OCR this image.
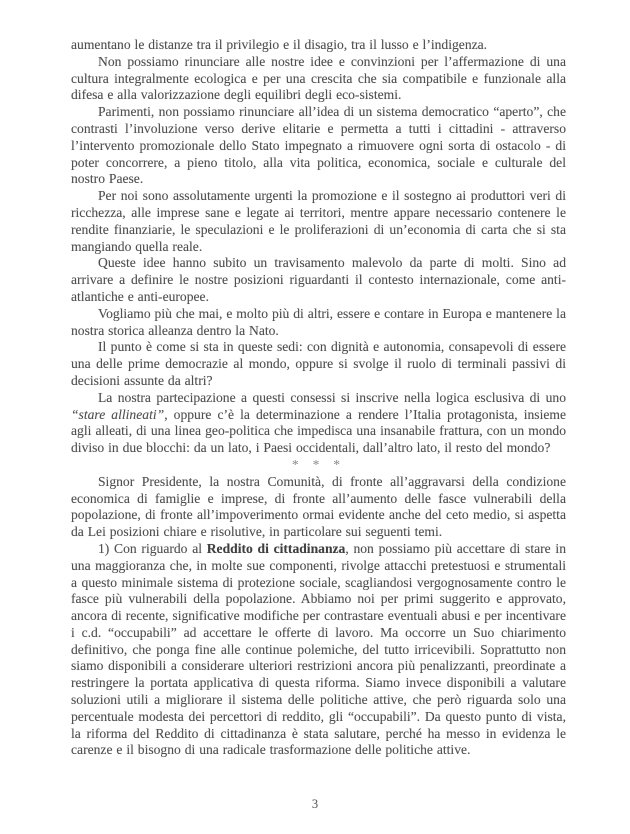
aumentano le distanze tra il privilegio e il disagio, tra il lusso e l’indigenza.

Non possiamo rinunciare alle nostre idee e convinzioni per l’affermazione di una cultura integralmente ecologica e per una crescita che sia compatibile e funzionale alla difesa e alla valorizzazione degli equilibri degli eco-sistemi.

Parimenti, non possiamo rinunciare all’idea di un sistema democratico “aperto”, che contrasti l’involuzione verso derive elitarie e permetta a tutti i cittadini - attraverso l’intervento promozionale dello Stato impegnato a rimuovere ogni sorta di ostacolo - di poter concorrere, a pieno titolo, alla vita politica, economica, sociale e culturale del nostro Paese.

Per noi sono assolutamente urgenti la promozione e il sostegno ai produttori veri di ricchezza, alle imprese sane e legate ai territori, mentre appare necessario contenere le rendite finanziarie, le speculazioni e le proliferazioni di un’economia di carta che si sta mangiando quella reale.

Queste idee hanno subito un travisamento malevolo da parte di molti. Sino ad arrivare a definire le nostre posizioni riguardanti il contesto internazionale, come anti-atlantiche e anti-europee.

Vogliamo più che mai, e molto più di altri, essere e contare in Europa e mantenere la nostra storica alleanza dentro la Nato.

Il punto è come si sta in queste sedi: con dignità e autonomia, consapevoli di essere una delle prime democrazie al mondo, oppure si svolge il ruolo di terminali passivi di decisioni assunte da altri?

La nostra partecipazione a questi consessi si inscrive nella logica esclusiva di uno “stare allineati”, oppure c’è la determinazione a rendere l’Italia protagonista, insieme agli alleati, di una linea geo-politica che impedisca una insanabile frattura, con un mondo diviso in due blocchi: da un lato, i Paesi occidentali, dall’altro lato, il resto del mondo?

* * *

Signor Presidente, la nostra Comunità, di fronte all’aggravarsi della condizione economica di famiglie e imprese, di fronte all’aumento delle fasce vulnerabili della popolazione, di fronte all’impoverimento ormai evidente anche del ceto medio, si aspetta da Lei posizioni chiare e risolutive, in particolare sui seguenti temi.

1) Con riguardo al Reddito di cittadinanza, non possiamo più accettare di stare in una maggioranza che, in molte sue componenti, rivolge attacchi pretestuosi e strumentali a questo minimale sistema di protezione sociale, scagliandosi vergognosamente contro le fasce più vulnerabili della popolazione. Abbiamo noi per primi suggerito e approvato, ancora di recente, significative modifiche per contrastare eventuali abusi e per incentivare i c.d. “occupabili” ad accettare le offerte di lavoro. Ma occorre un Suo chiarimento definitivo, che ponga fine alle continue polemiche, del tutto irricevibili. Soprattutto non siamo disponibili a considerare ulteriori restrizioni ancora più penalizzanti, preordinate a restringere la portata applicativa di questa riforma. Siamo invece disponibili a valutare soluzioni utili a migliorare il sistema delle politiche attive, che però riguarda solo una percentuale modesta dei percettori di reddito, gli “occupabili”. Da questo punto di vista, la riforma del Reddito di cittadinanza è stata salutare, perché ha messo in evidenza le carenze e il bisogno di una radicale trasformazione delle politiche attive.

3
